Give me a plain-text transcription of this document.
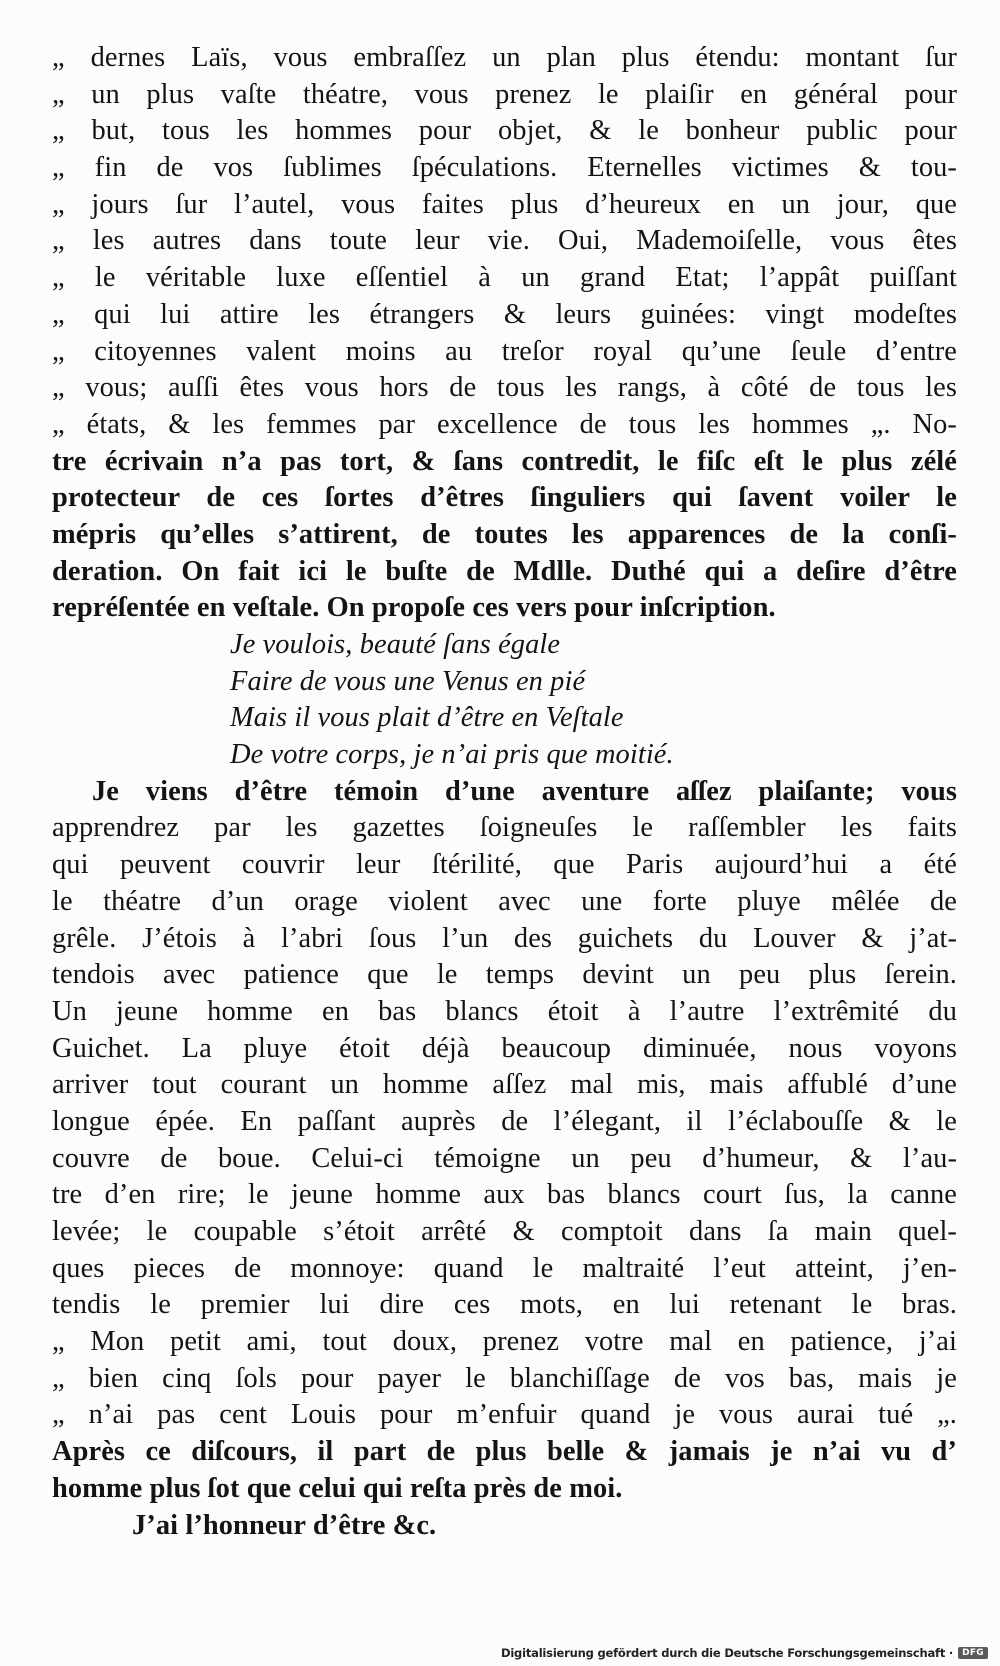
„ dernes Laïs, vous embraſſez un plan plus étendu: montant ſur
„ un plus vaſte théatre, vous prenez le plaiſir en général pour
„ but, tous les hommes pour objet, & le bonheur public pour
„ fin de vos ſublimes ſpéculations. Eternelles victimes & tou-
„ jours ſur l’autel, vous faites plus d’heureux en un jour, que
„ les autres dans toute leur vie. Oui, Mademoiſelle, vous êtes
„ le véritable luxe eſſentiel à un grand Etat; l’appât puiſſant
„ qui lui attire les étrangers & leurs guinées: vingt modeſtes
„ citoyennes valent moins au treſor royal qu’une ſeule d’entre
„ vous; auſſi êtes vous hors de tous les rangs, à côté de tous les
„ états, & les femmes par excellence de tous les hommes „. No-
tre écrivain n’a pas tort, & ſans contredit, le fiſc eſt le plus zélé
protecteur de ces ſortes d’êtres ſinguliers qui ſavent voiler le
mépris qu’elles s’attirent, de toutes les apparences de la conſi-
deration. On fait ici le buſte de Mdlle. Duthé qui a deſire d’être
repréſentée en veſtale. On propoſe ces vers pour inſcription.
Je voulois, beauté ſans égale
Faire de vous une Venus en pié
Mais il vous plait d’être en Veſtale
De votre corps, je n’ai pris que moitié.
Je viens d’être témoin d’une aventure aſſez plaiſante; vous
apprendrez par les gazettes ſoigneuſes le raſſembler les faits
qui peuvent couvrir leur ſtérilité, que Paris aujourd’hui a été
le théatre d’un orage violent avec une forte pluye mêlée de
grêle. J’étois à l’abri ſous l’un des guichets du Louver & j’at-
tendois avec patience que le temps devint un peu plus ſerein.
Un jeune homme en bas blancs étoit à l’autre l’extrêmité du
Guichet. La pluye étoit déjà beaucoup diminuée, nous voyons
arriver tout courant un homme aſſez mal mis, mais affublé d’une
longue épée. En paſſant auprès de l’élegant, il l’éclabouſſe & le
couvre de boue. Celui-ci témoigne un peu d’humeur, & l’au-
tre d’en rire; le jeune homme aux bas blancs court ſus, la canne
levée; le coupable s’étoit arrêté & comptoit dans ſa main quel-
ques pieces de monnoye: quand le maltraité l’eut atteint, j’en-
tendis le premier lui dire ces mots, en lui retenant le bras.
„ Mon petit ami, tout doux, prenez votre mal en patience, j’ai
„ bien cinq ſols pour payer le blanchiſſage de vos bas, mais je
„ n’ai pas cent Louis pour m’enfuir quand je vous aurai tué „.
Après ce diſcours, il part de plus belle & jamais je n’ai vu d’
homme plus ſot que celui qui reſta près de moi.
J’ai l’honneur d’être &c.
Digitalisierung gefördert durch die Deutsche Forschungsgemeinschaft ·	DFG
